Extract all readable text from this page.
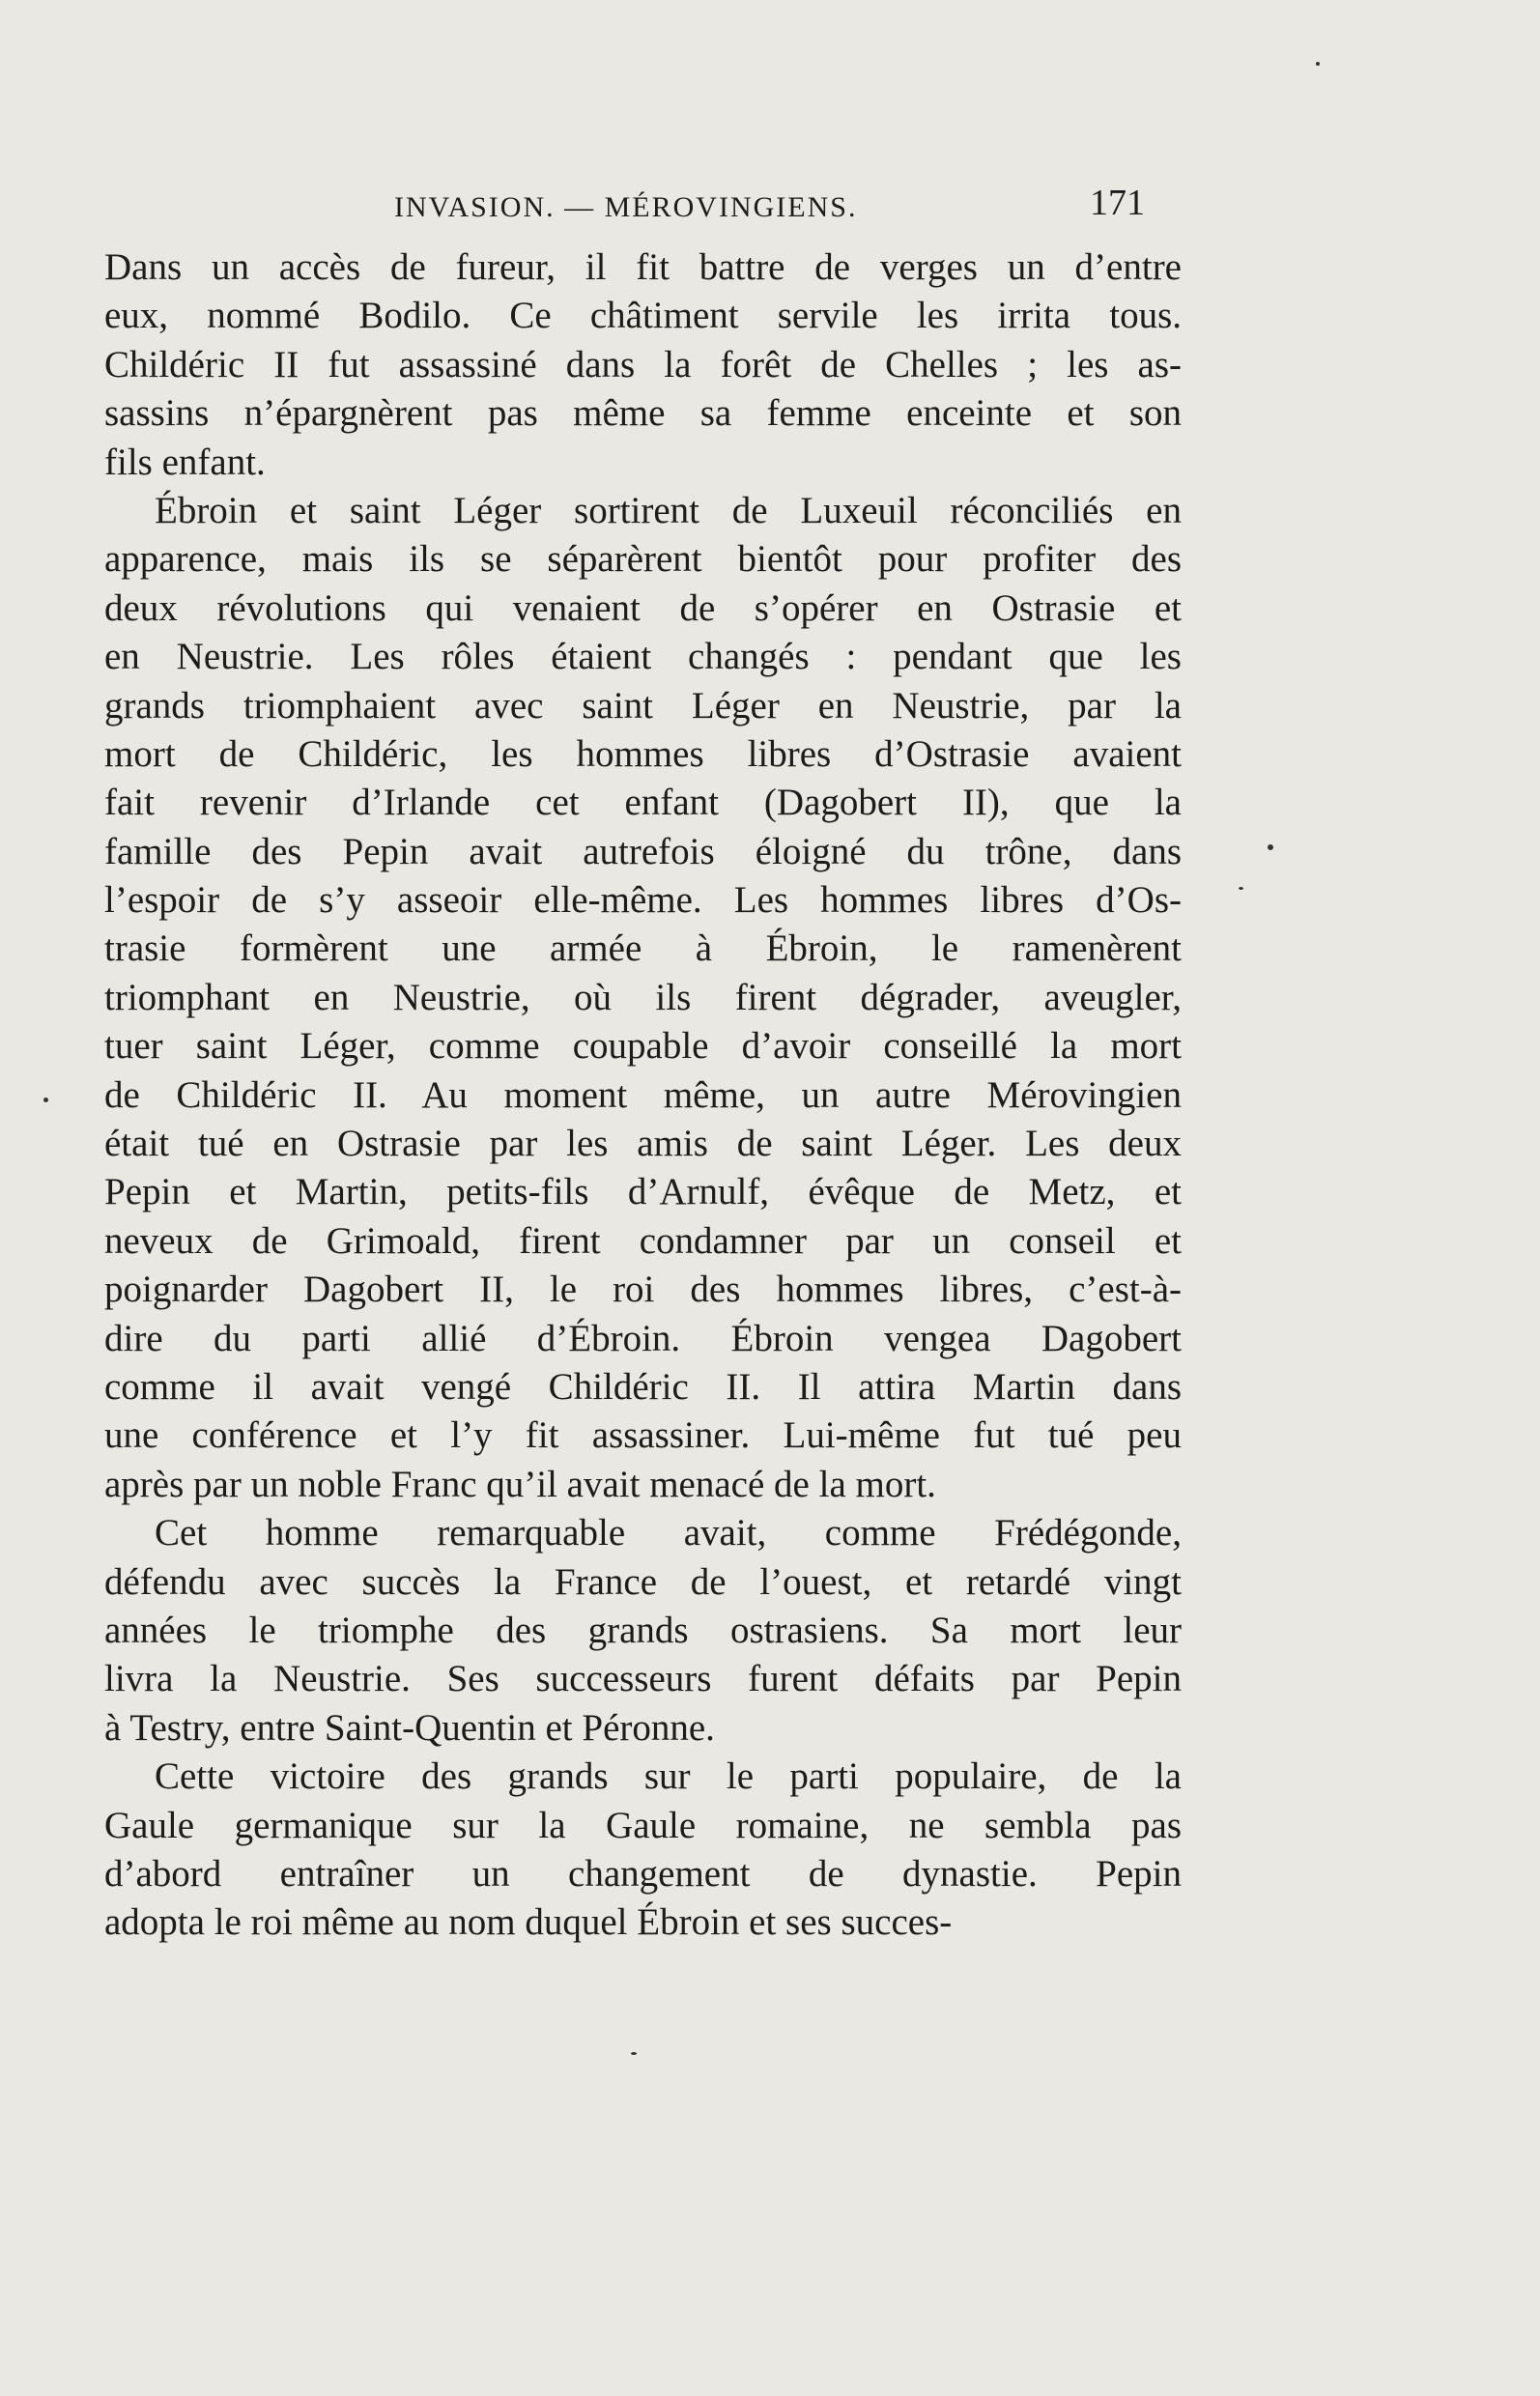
INVASION. — MÉROVINGIENS.	171
Dans un accès de fureur, il fit battre de verges un d’entre
eux, nommé Bodilo. Ce châtiment servile les irrita tous.
Childéric II fut assassiné dans la forêt de Chelles ; les as-
sassins n’épargnèrent pas même sa femme enceinte et son
fils enfant.
Ébroin et saint Léger sortirent de Luxeuil réconciliés en
apparence, mais ils se séparèrent bientôt pour profiter des
deux révolutions qui venaient de s’opérer en Ostrasie et
en Neustrie. Les rôles étaient changés : pendant que les
grands triomphaient avec saint Léger en Neustrie, par la
mort de Childéric, les hommes libres d’Ostrasie avaient
fait revenir d’Irlande cet enfant (Dagobert II), que la
famille des Pepin avait autrefois éloigné du trône, dans
l’espoir de s’y asseoir elle-même. Les hommes libres d’Os-
trasie formèrent une armée à Ébroin, le ramenèrent
triomphant en Neustrie, où ils firent dégrader, aveugler,
tuer saint Léger, comme coupable d’avoir conseillé la mort
de Childéric II. Au moment même, un autre Mérovingien
était tué en Ostrasie par les amis de saint Léger. Les deux
Pepin et Martin, petits-fils d’Arnulf, évêque de Metz, et
neveux de Grimoald, firent condamner par un conseil et
poignarder Dagobert II, le roi des hommes libres, c’est-à-
dire du parti allié d’Ébroin. Ébroin vengea Dagobert
comme il avait vengé Childéric II. Il attira Martin dans
une conférence et l’y fit assassiner. Lui-même fut tué peu
après par un noble Franc qu’il avait menacé de la mort.
Cet homme remarquable avait, comme Frédégonde,
défendu avec succès la France de l’ouest, et retardé vingt
années le triomphe des grands ostrasiens. Sa mort leur
livra la Neustrie. Ses successeurs furent défaits par Pepin
à Testry, entre Saint-Quentin et Péronne.
Cette victoire des grands sur le parti populaire, de la
Gaule germanique sur la Gaule romaine, ne sembla pas
d’abord entraîner un changement de dynastie. Pepin
adopta le roi même au nom duquel Ébroin et ses succes-
